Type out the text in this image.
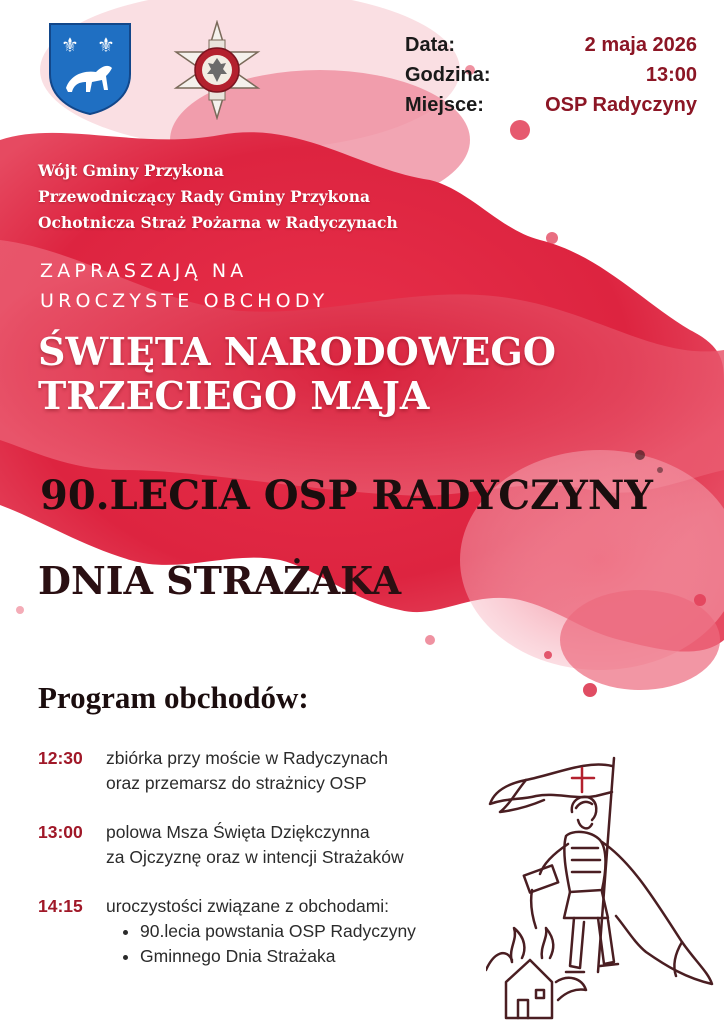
⚜ ⚜	Data:	2 maja 2026
Godzina:	13:00
Miejsce:	OSP Radyczyny
Wójt Gminy Przykona
Przewodniczący Rady Gminy Przykona
Ochotnicza Straż Pożarna w Radyczynach
ZAPRASZAJĄ NA
UROCZYSTE OBCHODY
ŚWIĘTA NARODOWEGO
TRZECIEGO MAJA
90.LECIA OSP RADYCZYNY
DNIA STRAŻAKA
Program obchodów:
12:30	zbiórka przy moście w Radyczynach
oraz przemarsz do strażnicy OSP
13:00	polowa Msza Święta Dziękczynna
za Ojczyznę oraz w intencji Strażaków
14:15	uroczystości związane z obchodami:
• 90.lecia powstania OSP Radyczyny
• Gminnego Dnia Strażaka
